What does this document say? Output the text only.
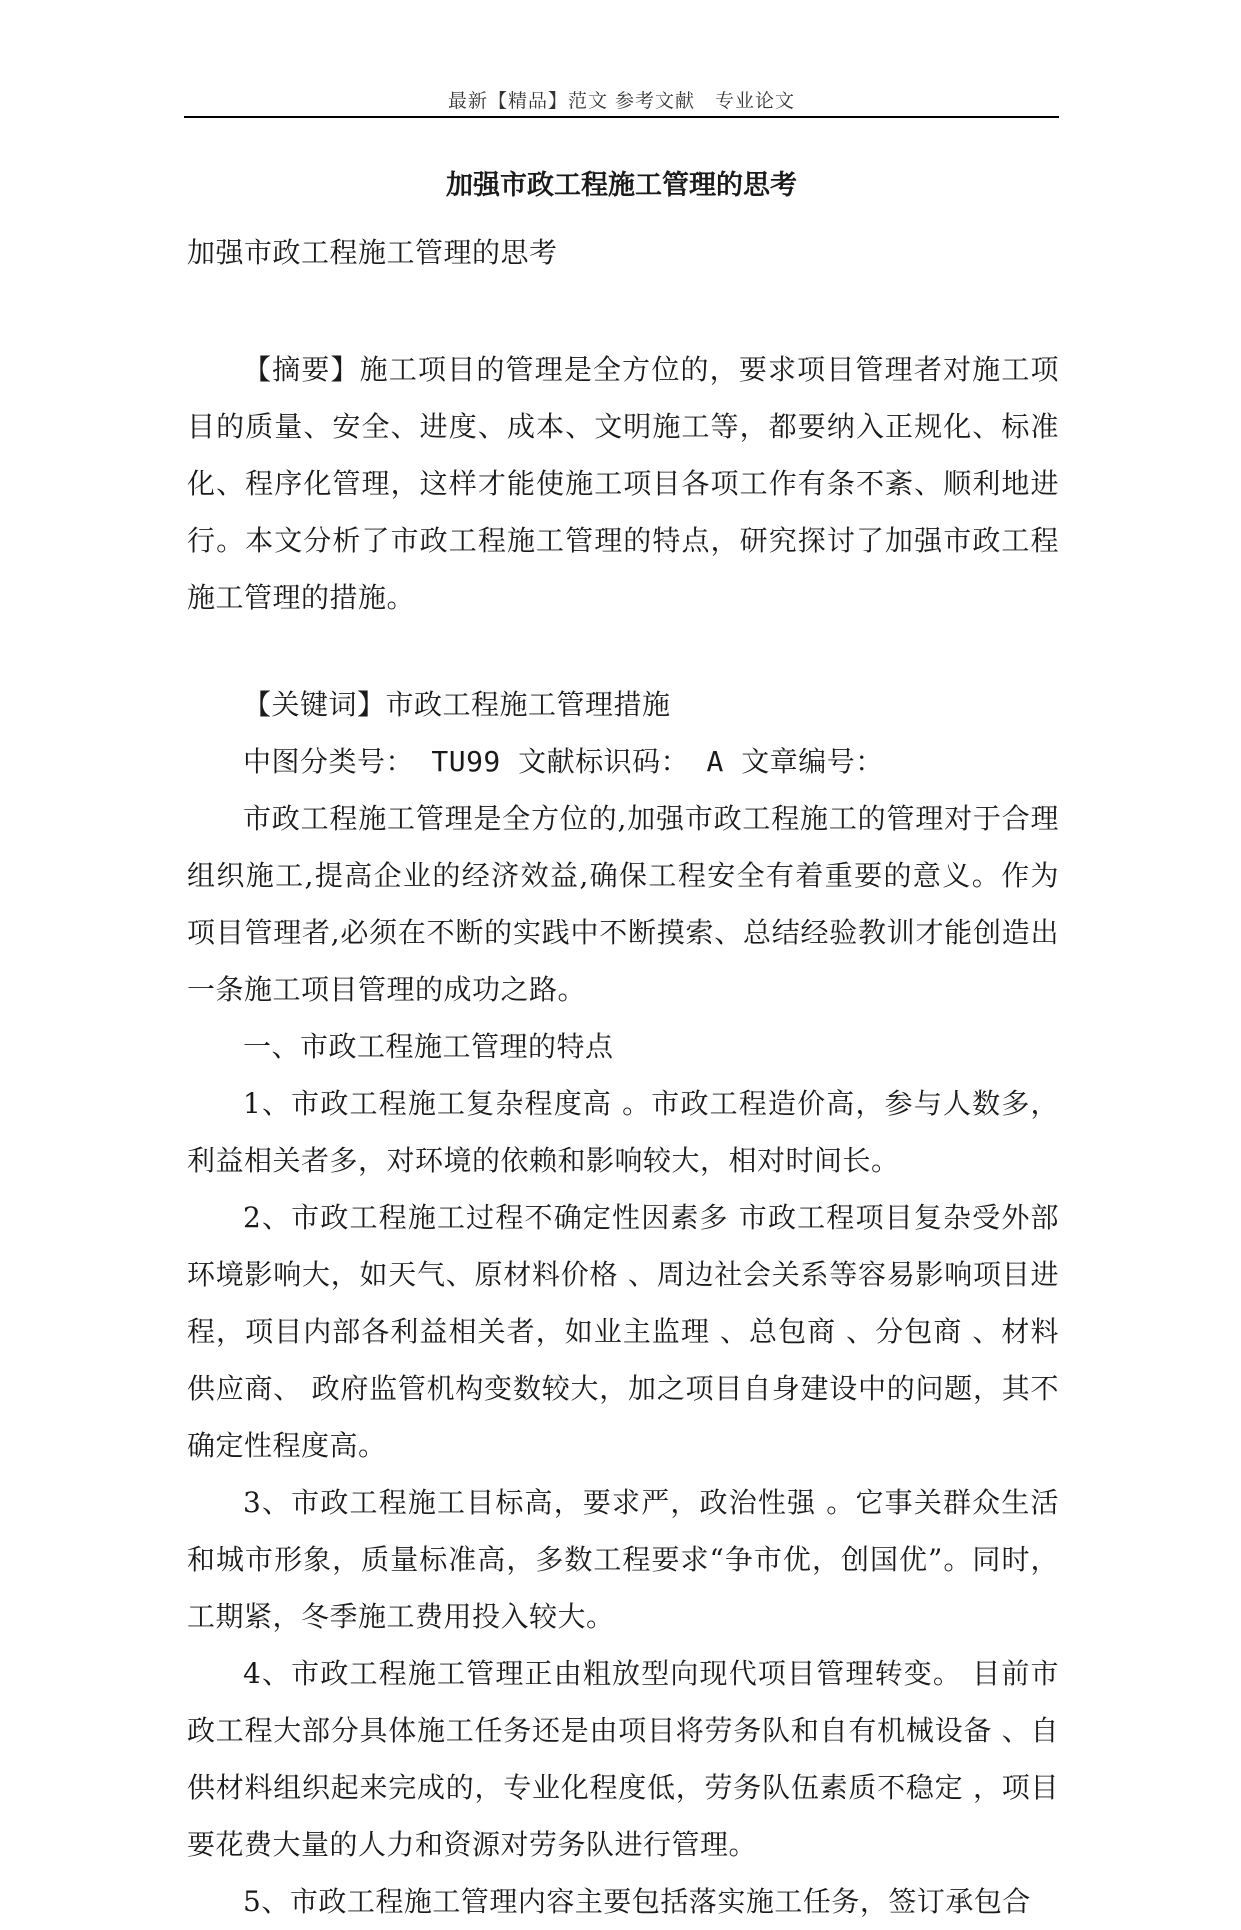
最新【精品】范文 参考文献　专业论文
加强市政工程施工管理的思考

加强市政工程施工管理的思考

【摘要】施工项目的管理是全方位的，要求项目管理者对施工项目的质量、安全、进度、成本、文明施工等，都要纳入正规化、标准化、程序化管理，这样才能使施工项目各项工作有条不紊、顺利地进行。本文分析了市政工程施工管理的特点，研究探讨了加强市政工程施工管理的措施。

【关键词】市政工程施工管理措施

中图分类号： TU99 文献标识码： A 文章编号：

市政工程施工管理是全方位的,加强市政工程施工的管理对于合理组织施工,提高企业的经济效益,确保工程安全有着重要的意义。作为项目管理者,必须在不断的实践中不断摸索、总结经验教训才能创造出一条施工项目管理的成功之路。

一、市政工程施工管理的特点

1、市政工程施工复杂程度高 。市政工程造价高，参与人数多，利益相关者多，对环境的依赖和影响较大，相对时间长。

2、市政工程施工过程不确定性因素多 市政工程项目复杂受外部环境影响大，如天气、原材料价格 、周边社会关系等容易影响项目进程，项目内部各利益相关者，如业主监理 、总包商 、分包商 、材料供应商、 政府监管机构变数较大，加之项目自身建设中的问题，其不确定性程度高。

3、市政工程施工目标高，要求严，政治性强 。它事关群众生活和城市形象，质量标准高，多数工程要求“争市优，创国优”。同时，工期紧，冬季施工费用投入较大。

4、市政工程施工管理正由粗放型向现代项目管理转变。 目前市政工程大部分具体施工任务还是由项目将劳务队和自有机械设备 、自供材料组织起来完成的，专业化程度低，劳务队伍素质不稳定 ，项目要花费大量的人力和资源对劳务队进行管理。

5、市政工程施工管理内容主要包括落实施工任务，签订承包合
